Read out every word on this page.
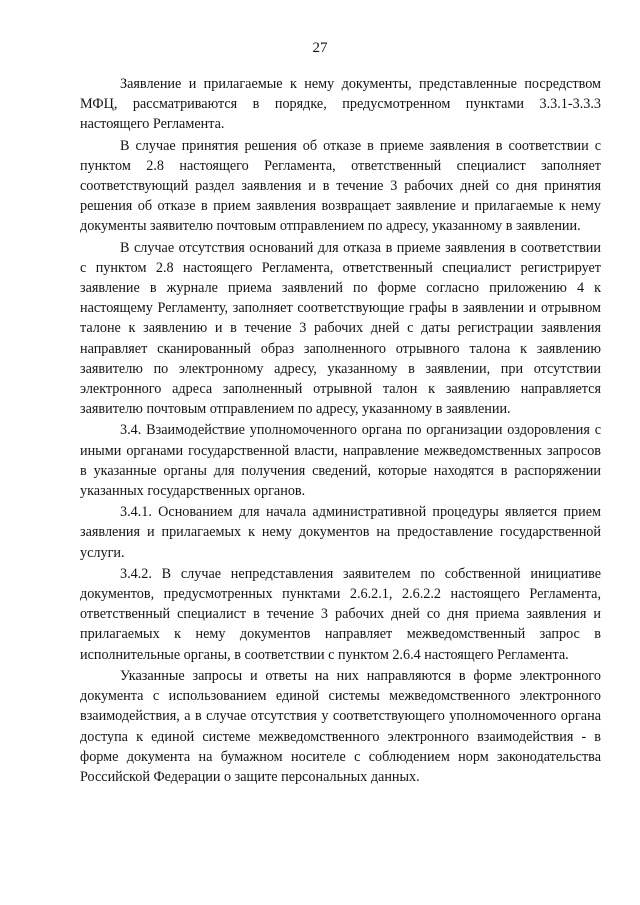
27

Заявление и прилагаемые к нему документы, представленные посредством МФЦ, рассматриваются в порядке, предусмотренном пунктами 3.3.1-3.3.3 настоящего Регламента.

В случае принятия решения об отказе в приеме заявления в соответствии с пунктом 2.8 настоящего Регламента, ответственный специалист заполняет соответствующий раздел заявления и в течение 3 рабочих дней со дня принятия решения об отказе в прием заявления возвращает заявление и прилагаемые к нему документы заявителю почтовым отправлением по адресу, указанному в заявлении.

В случае отсутствия оснований для отказа в приеме заявления в соответствии с пунктом 2.8 настоящего Регламента, ответственный специалист регистрирует заявление в журнале приема заявлений по форме согласно приложению 4 к настоящему Регламенту, заполняет соответствующие графы в заявлении и отрывном талоне к заявлению и в течение 3 рабочих дней с даты регистрации заявления направляет сканированный образ заполненного отрывного талона к заявлению заявителю по электронному адресу, указанному в заявлении, при отсутствии электронного адреса заполненный отрывной талон к заявлению направляется заявителю почтовым отправлением по адресу, указанному в заявлении.

3.4. Взаимодействие уполномоченного органа по организации оздоровления с иными органами государственной власти, направление межведомственных запросов в указанные органы для получения сведений, которые находятся в распоряжении указанных государственных органов.

3.4.1. Основанием для начала административной процедуры является прием заявления и прилагаемых к нему документов на предоставление государственной услуги.

3.4.2. В случае непредставления заявителем по собственной инициативе документов, предусмотренных пунктами 2.6.2.1, 2.6.2.2 настоящего Регламента, ответственный специалист в течение 3 рабочих дней со дня приема заявления и прилагаемых к нему документов направляет межведомственный запрос в исполнительные органы, в соответствии с пунктом 2.6.4 настоящего Регламента.

Указанные запросы и ответы на них направляются в форме электронного документа с использованием единой системы межведомственного электронного взаимодействия, а в случае отсутствия у соответствующего уполномоченного органа доступа к единой системе межведомственного электронного взаимодействия - в форме документа на бумажном носителе с соблюдением норм законодательства Российской Федерации о защите персональных данных.
